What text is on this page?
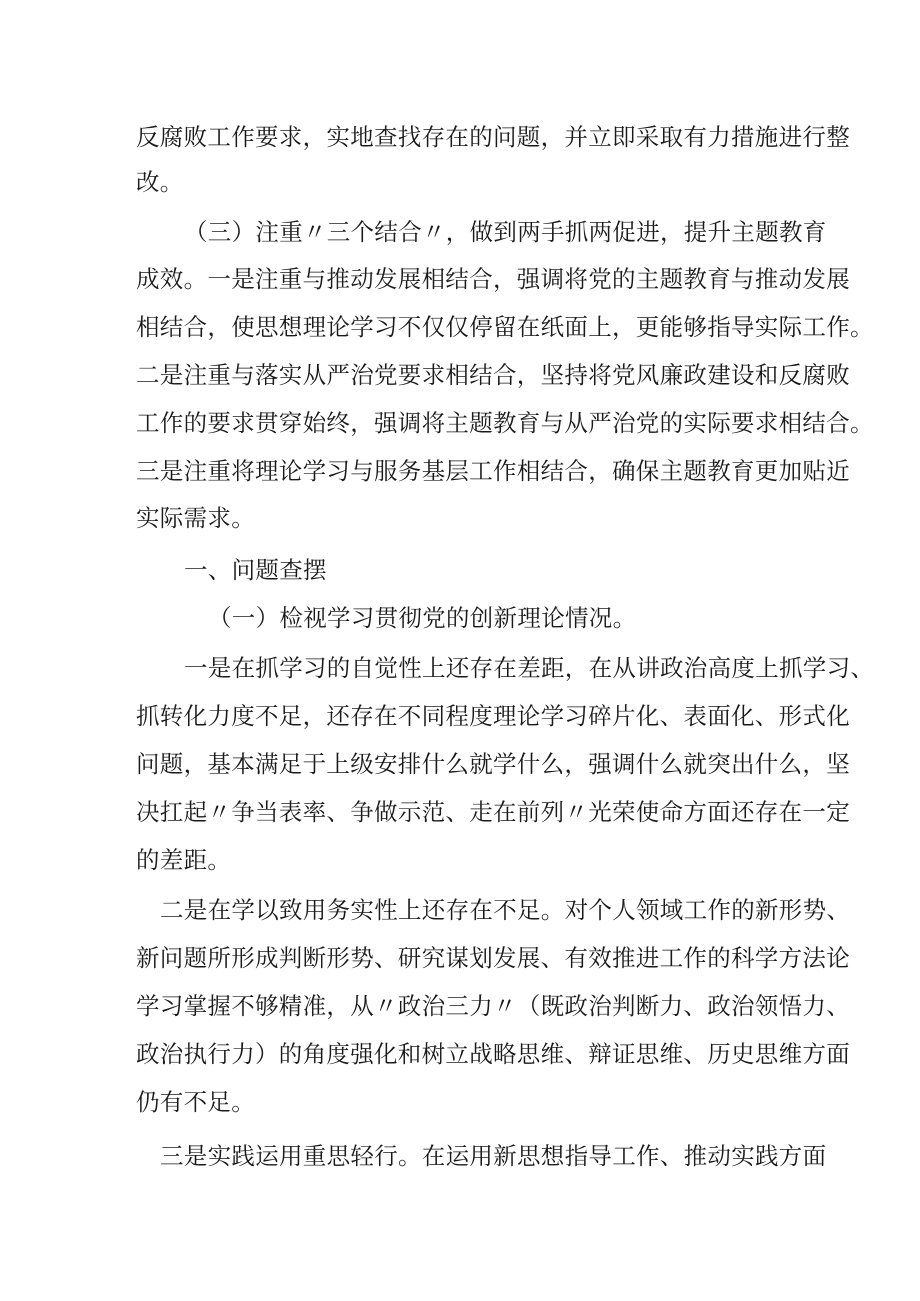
反腐败工作要求，实地查找存在的问题，并立即采取有力措施进行整
改。
（三）注重〃三个结合〃，做到两手抓两促进，提升主题教育
成效。一是注重与推动发展相结合，强调将党的主题教育与推动发展
相结合，使思想理论学习不仅仅停留在纸面上，更能够指导实际工作。
二是注重与落实从严治党要求相结合，坚持将党风廉政建设和反腐败
工作的要求贯穿始终，强调将主题教育与从严治党的实际要求相结合。
三是注重将理论学习与服务基层工作相结合，确保主题教育更加贴近
实际需求。
一、问题查摆
（一）检视学习贯彻党的创新理论情况。
一是在抓学习的自觉性上还存在差距，在从讲政治高度上抓学习、
抓转化力度不足，还存在不同程度理论学习碎片化、表面化、形式化
问题，基本满足于上级安排什么就学什么，强调什么就突出什么，坚
决扛起〃争当表率、争做示范、走在前列〃光荣使命方面还存在一定
的差距。
二是在学以致用务实性上还存在不足。对个人领域工作的新形势、
新问题所形成判断形势、研究谋划发展、有效推进工作的科学方法论
学习掌握不够精准，从〃政治三力〃（既政治判断力、政治领悟力、
政治执行力）的角度强化和树立战略思维、辩证思维、历史思维方面
仍有不足。
三是实践运用重思轻行。在运用新思想指导工作、推动实践方面
